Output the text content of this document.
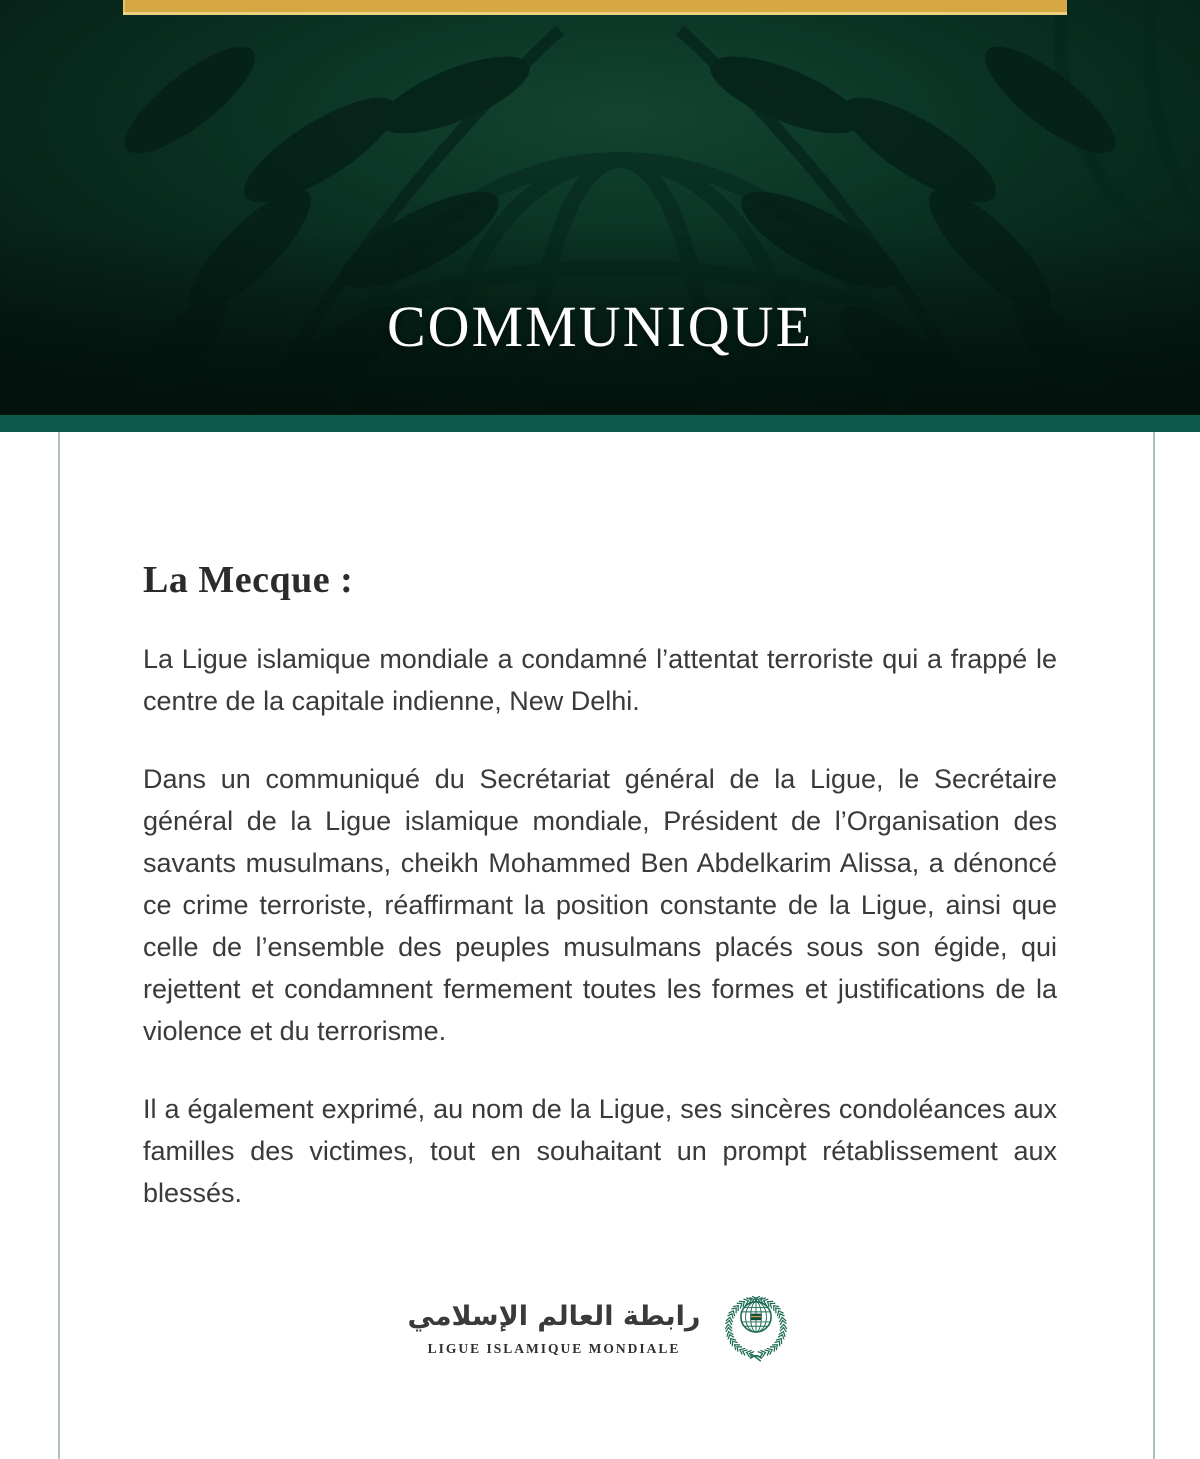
COMMUNIQUE
La Mecque :

La Ligue islamique mondiale a condamné l’attentat terroriste qui a frappé le centre de la capitale indienne, New Delhi.

Dans un communiqué du Secrétariat général de la Ligue, le Secrétaire général de la Ligue islamique mondiale, Président de l’Organisation des savants musulmans, cheikh Mohammed Ben Abdelkarim Alissa, a dénoncé ce crime terroriste, réaffirmant la position constante de la Ligue, ainsi que celle de l’ensemble des peuples musulmans placés sous son égide, qui rejettent et condamnent fermement toutes les formes et justifications de la violence et du terrorisme.

Il a également exprimé, au nom de la Ligue, ses sincères condoléances aux familles des victimes, tout en souhaitant un prompt rétablissement aux blessés.

رابطة العالم الإسلامي
LIGUE ISLAMIQUE MONDIALE
